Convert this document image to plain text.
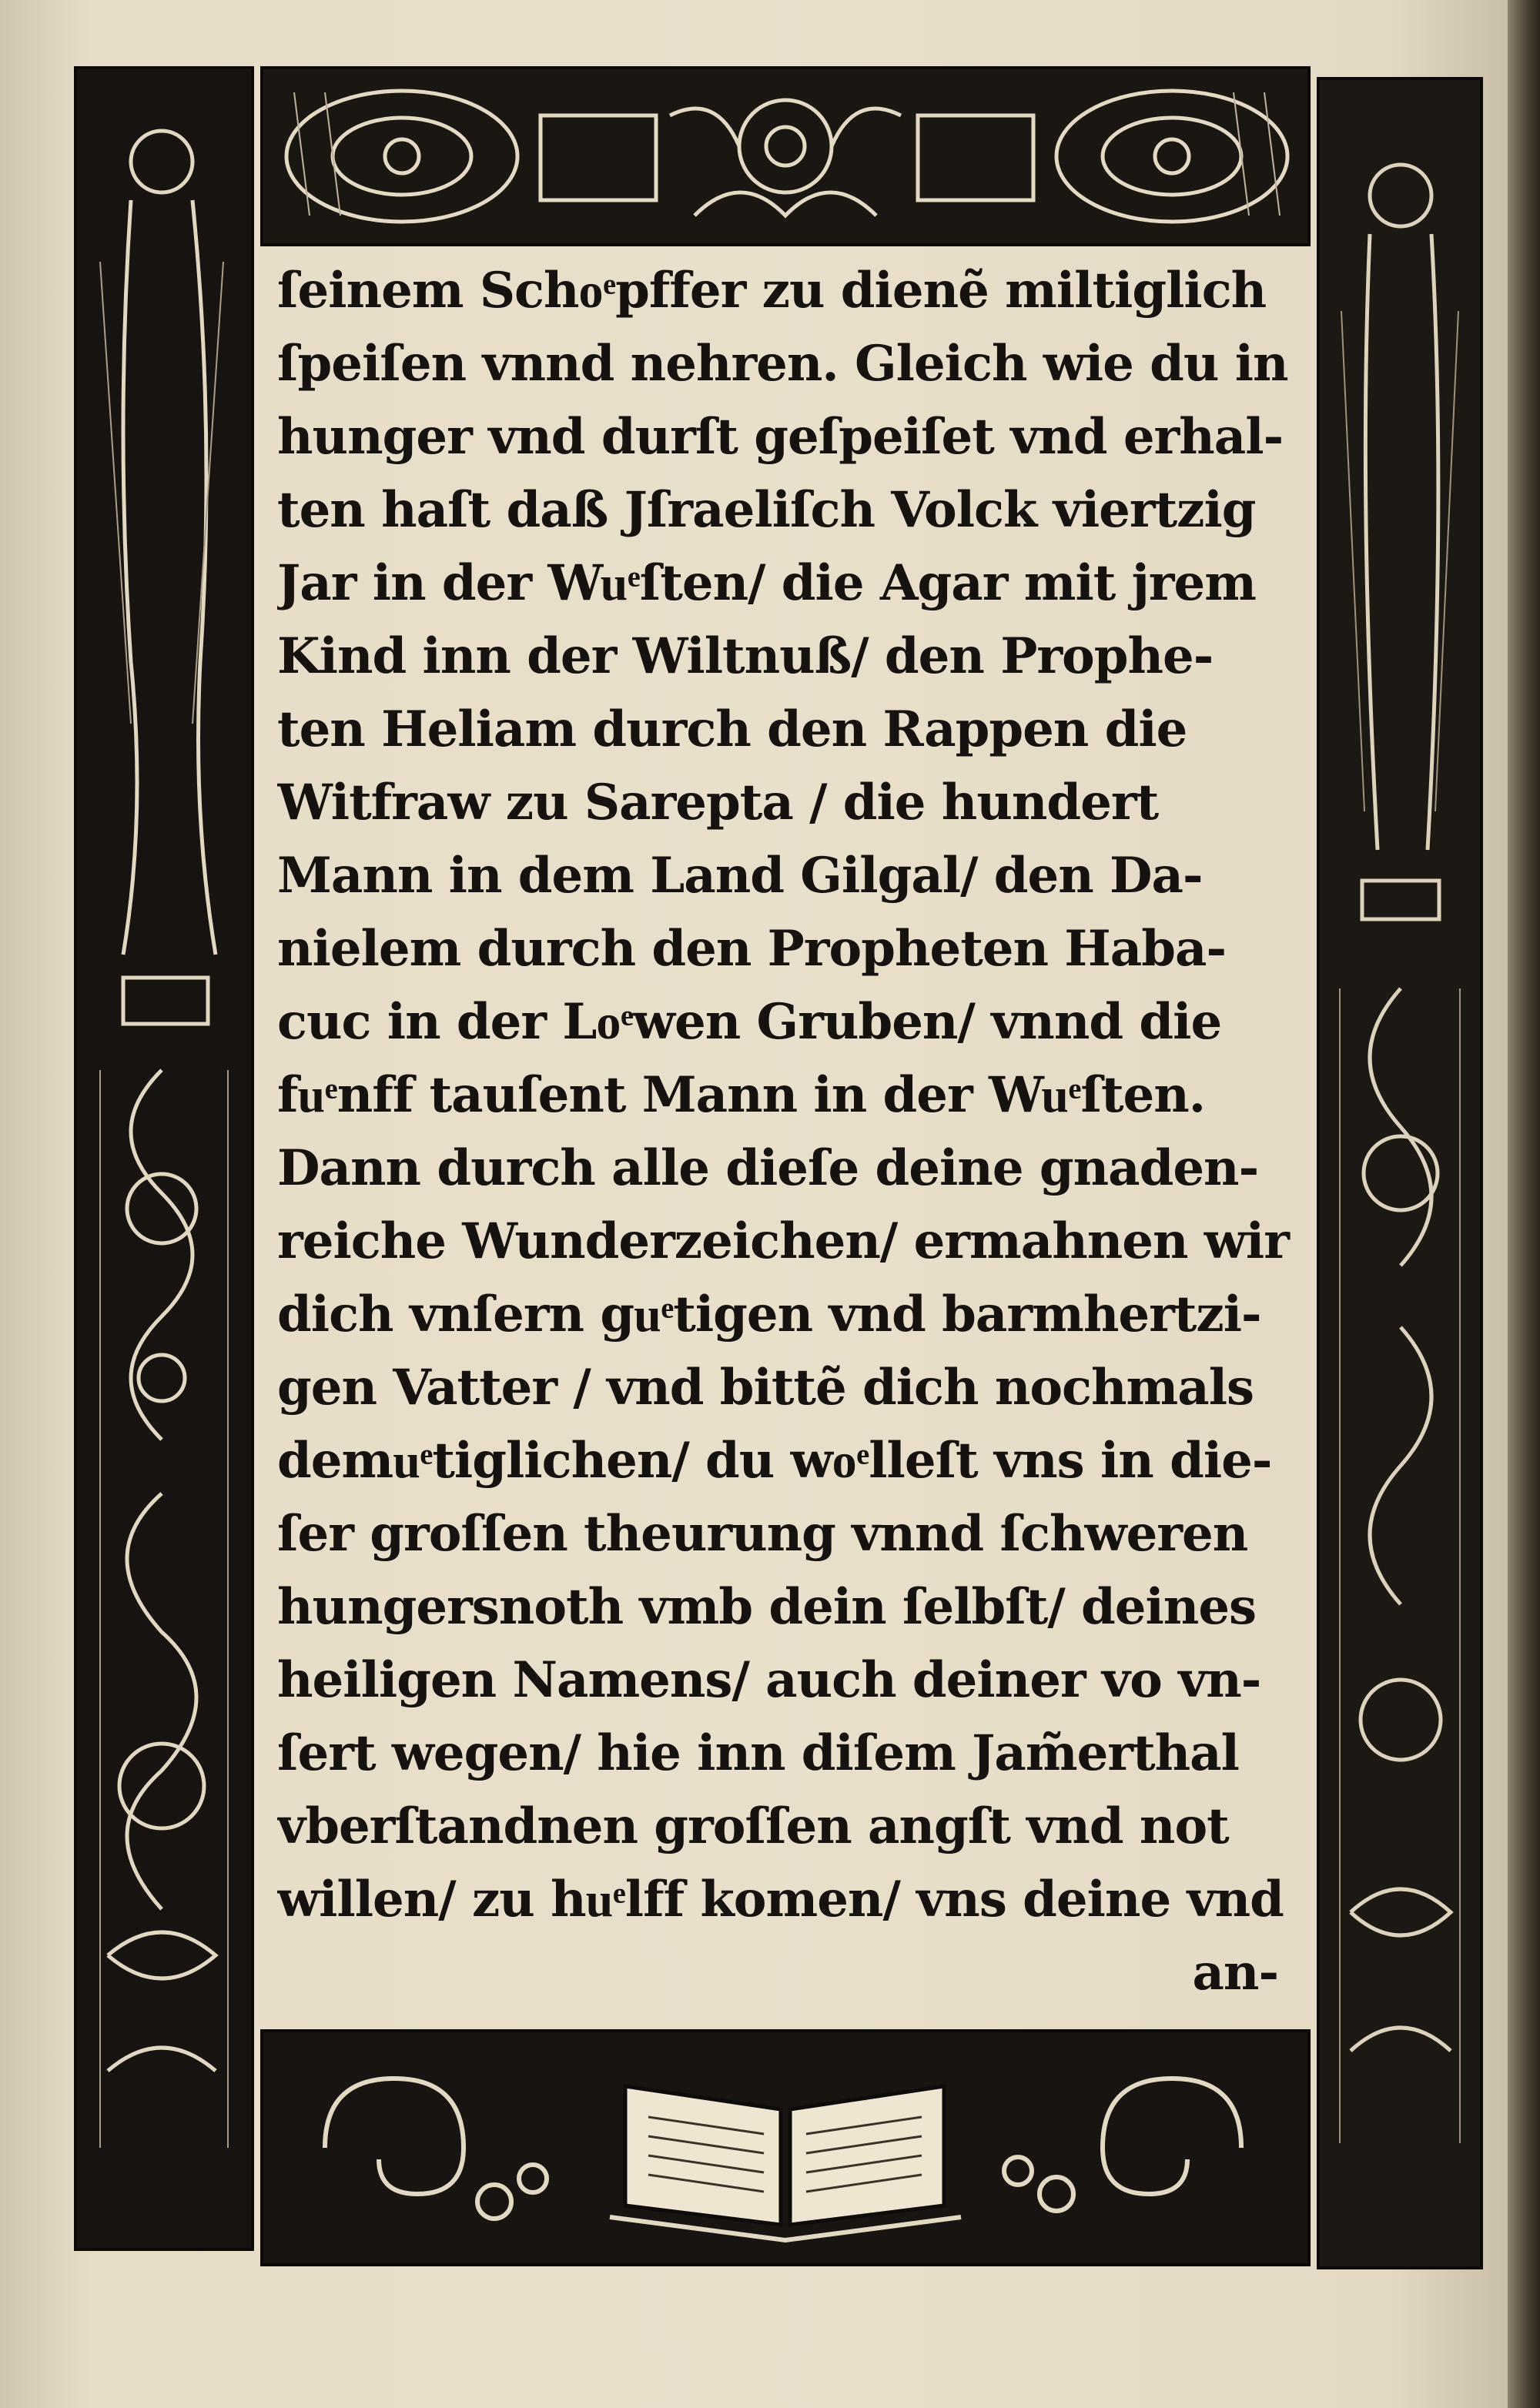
ſeinem Schoͤpffer zu dienẽ miltiglich
ſpeiſen vnnd nehren. Gleich wie du in
hunger vnd durſt geſpeiſet vnd erhal-
ten haſt daß Jſraeliſch Volck viertzig
Jar in der Wuͤſten/ die Agar mit jrem
Kind inn der Wiltnuß/ den Prophe-
ten Heliam durch den Rappen die
Witfraw zu Sarepta / die hundert
Mann in dem Land Gilgal/ den Da-
nielem durch den Propheten Haba-
cuc in der Loͤwen Gruben/ vnnd die
fuͤnff tauſent Mann in der Wuͤſten.
Dann durch alle dieſe deine gnaden-
reiche Wunderzeichen/ ermahnen wir
dich vnſern guͤtigen vnd barmhertzi-
gen Vatter / vnd bittẽ dich nochmals
demuͤtiglichen/ du woͤlleſt vns in die-
ſer groſſen theurung vnnd ſchweren
hungersnoth vmb dein ſelbſt/ deines
heiligen Namens/ auch deiner vo vn-
ſert wegen/ hie inn diſem Jam̃erthal
vberſtandnen groſſen angſt vnd not
willen/ zu huͤlff komen/ vns deine vnd
an-
